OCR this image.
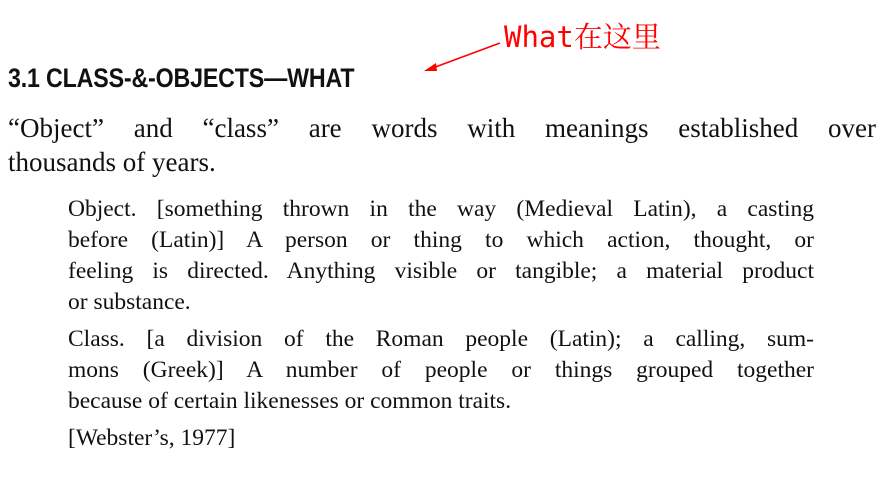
What在这里
3.1 CLASS-&-OBJECTS—WHAT

“Object” and “class” are words with meanings established over
thousands of years.

Object. [something thrown in the way (Medieval Latin), a casting
before (Latin)] A person or thing to which action, thought, or
feeling is directed. Anything visible or tangible; a material product
or substance.

Class. [a division of the Roman people (Latin); a calling, sum-
mons (Greek)] A number of people or things grouped together
because of certain likenesses or common traits.

[Webster’s, 1977]
